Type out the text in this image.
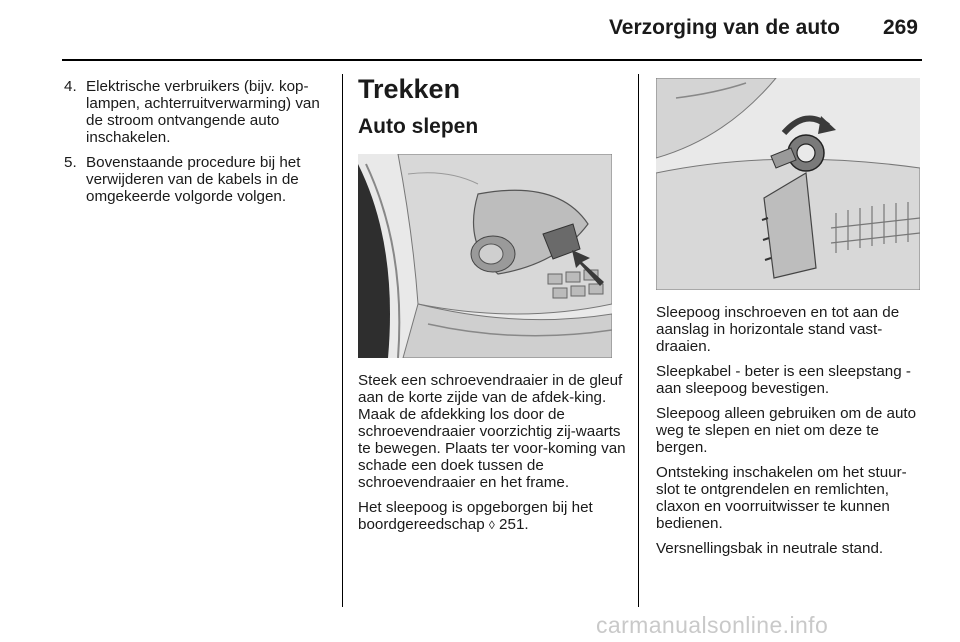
Verzorging van de auto 269
4. Elektrische verbruikers (bijv. kop-lampen, achterruitverwarming) van de stroom ontvangende auto inschakelen.
5. Bovenstaande procedure bij het verwijderen van de kabels in de omgekeerde volgorde volgen.
Trekken
Auto slepen

Steek een schroevendraaier in de gleuf aan de korte zijde van de afdek-king. Maak de afdekking los door de schroevendraaier voorzichtig zij-waarts te bewegen. Plaats ter voor-koming van schade een doek tussen de schroevendraaier en het frame.

Het sleepoog is opgeborgen bij het boordgereedschap ◊ 251.

Sleepoog inschroeven en tot aan de aanslag in horizontale stand vast-draaien.

Sleepkabel - beter is een sleepstang - aan sleepoog bevestigen.

Sleepoog alleen gebruiken om de auto weg te slepen en niet om deze te bergen.

Ontsteking inschakelen om het stuur-slot te ontgrendelen en remlichten, claxon en voorruitwisser te kunnen bedienen.

Versnellingsbak in neutrale stand.

carmanualsonline.info
